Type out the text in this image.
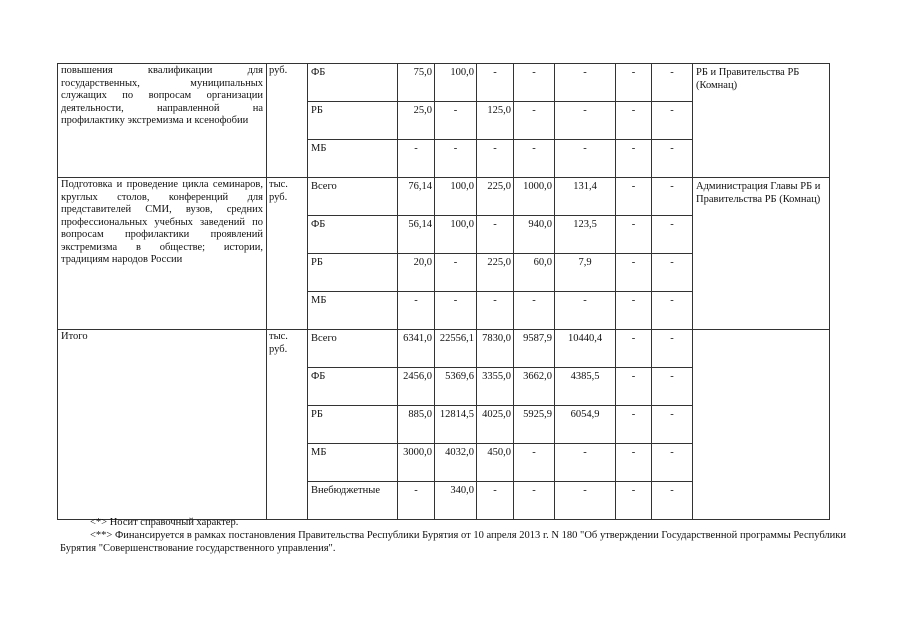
повышения квалификации для государственных, муниципальных служащих по вопросам организации деятельности, направленной на профилактику экстремизма и ксенофобии	руб.	ФБ	75,0	100,0	-	-	-	-	-	РБ и Правительства РБ (Комнац)
		РБ	25,0	-	125,0	-	-	-	-	
		МБ	-	-	-	-	-	-	-	

Подготовка и проведение цикла семинаров, круглых столов, конференций для представителей СМИ, вузов, средних профессиональных учебных заведений по вопросам профилактики проявлений экстремизма в обществе; истории, традициям народов России	тыс. руб.	Всего	76,14	100,0	225,0	1000,0	131,4	-	-	Администрация Главы РБ и Правительства РБ (Комнац)
		ФБ	56,14	100,0	-	940,0	123,5	-	-	
		РБ	20,0	-	225,0	60,0	7,9	-	-	
		МБ	-	-	-	-	-	-	-	

Итого	тыс. руб.	Всего	6341,0	22556,1	7830,0	9587,9	10440,4	-	-	
		ФБ	2456,0	5369,6	3355,0	3662,0	4385,5	-	-	
		РБ	885,0	12814,5	4025,0	5925,9	6054,9	-	-	
		МБ	3000,0	4032,0	450,0	-	-	-	-	
		Внебюджетные	-	340,0	-	-	-	-	-	

<*> Носит справочный характер.

<**> Финансируется в рамках постановления Правительства Республики Бурятия от 10 апреля 2013 г. N 180 "Об утверждении Государственной программы Республики Бурятия "Совершенствование государственного управления".
